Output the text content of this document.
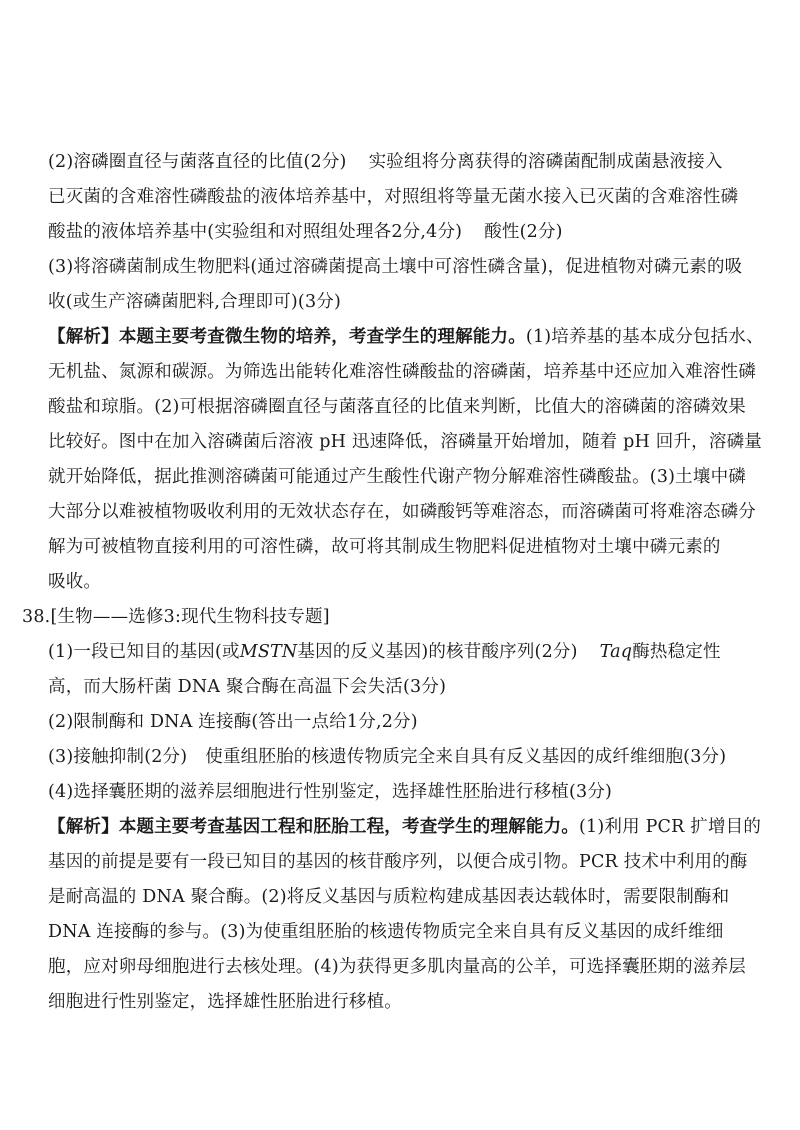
(2)溶磷圈直径与菌落直径的比值(2分) 实验组将分离获得的溶磷菌配制成菌悬液接入
已灭菌的含难溶性磷酸盐的液体培养基中，对照组将等量无菌水接入已灭菌的含难溶性磷
酸盐的液体培养基中(实验组和对照组处理各2分,4分) 酸性(2分)
(3)将溶磷菌制成生物肥料(通过溶磷菌提高土壤中可溶性磷含量)，促进植物对磷元素的吸
收(或生产溶磷菌肥料,合理即可)(3分)
【解析】本题主要考查微生物的培养，考查学生的理解能力。(1)培养基的基本成分包括水、
无机盐、氮源和碳源。为筛选出能转化难溶性磷酸盐的溶磷菌，培养基中还应加入难溶性磷
酸盐和琼脂。(2)可根据溶磷圈直径与菌落直径的比值来判断，比值大的溶磷菌的溶磷效果
比较好。图中在加入溶磷菌后溶液 pH 迅速降低，溶磷量开始增加，随着 pH 回升，溶磷量
就开始降低，据此推测溶磷菌可能通过产生酸性代谢产物分解难溶性磷酸盐。(3)土壤中磷
大部分以难被植物吸收利用的无效状态存在，如磷酸钙等难溶态，而溶磷菌可将难溶态磷分
解为可被植物直接利用的可溶性磷，故可将其制成生物肥料促进植物对土壤中磷元素的
吸收。
38.[生物——选修3:现代生物科技专题]
(1)一段已知目的基因(或MSTN基因的反义基因)的核苷酸序列(2分) Taq酶热稳定性
高，而大肠杆菌 DNA 聚合酶在高温下会失活(3分)
(2)限制酶和 DNA 连接酶(答出一点给1分,2分)
(3)接触抑制(2分) 使重组胚胎的核遗传物质完全来自具有反义基因的成纤维细胞(3分)
(4)选择囊胚期的滋养层细胞进行性别鉴定，选择雄性胚胎进行移植(3分)
【解析】本题主要考查基因工程和胚胎工程，考查学生的理解能力。(1)利用 PCR 扩增目的
基因的前提是要有一段已知目的基因的核苷酸序列，以便合成引物。PCR 技术中利用的酶
是耐高温的 DNA 聚合酶。(2)将反义基因与质粒构建成基因表达载体时，需要限制酶和
DNA 连接酶的参与。(3)为使重组胚胎的核遗传物质完全来自具有反义基因的成纤维细
胞，应对卵母细胞进行去核处理。(4)为获得更多肌肉量高的公羊，可选择囊胚期的滋养层
细胞进行性别鉴定，选择雄性胚胎进行移植。
